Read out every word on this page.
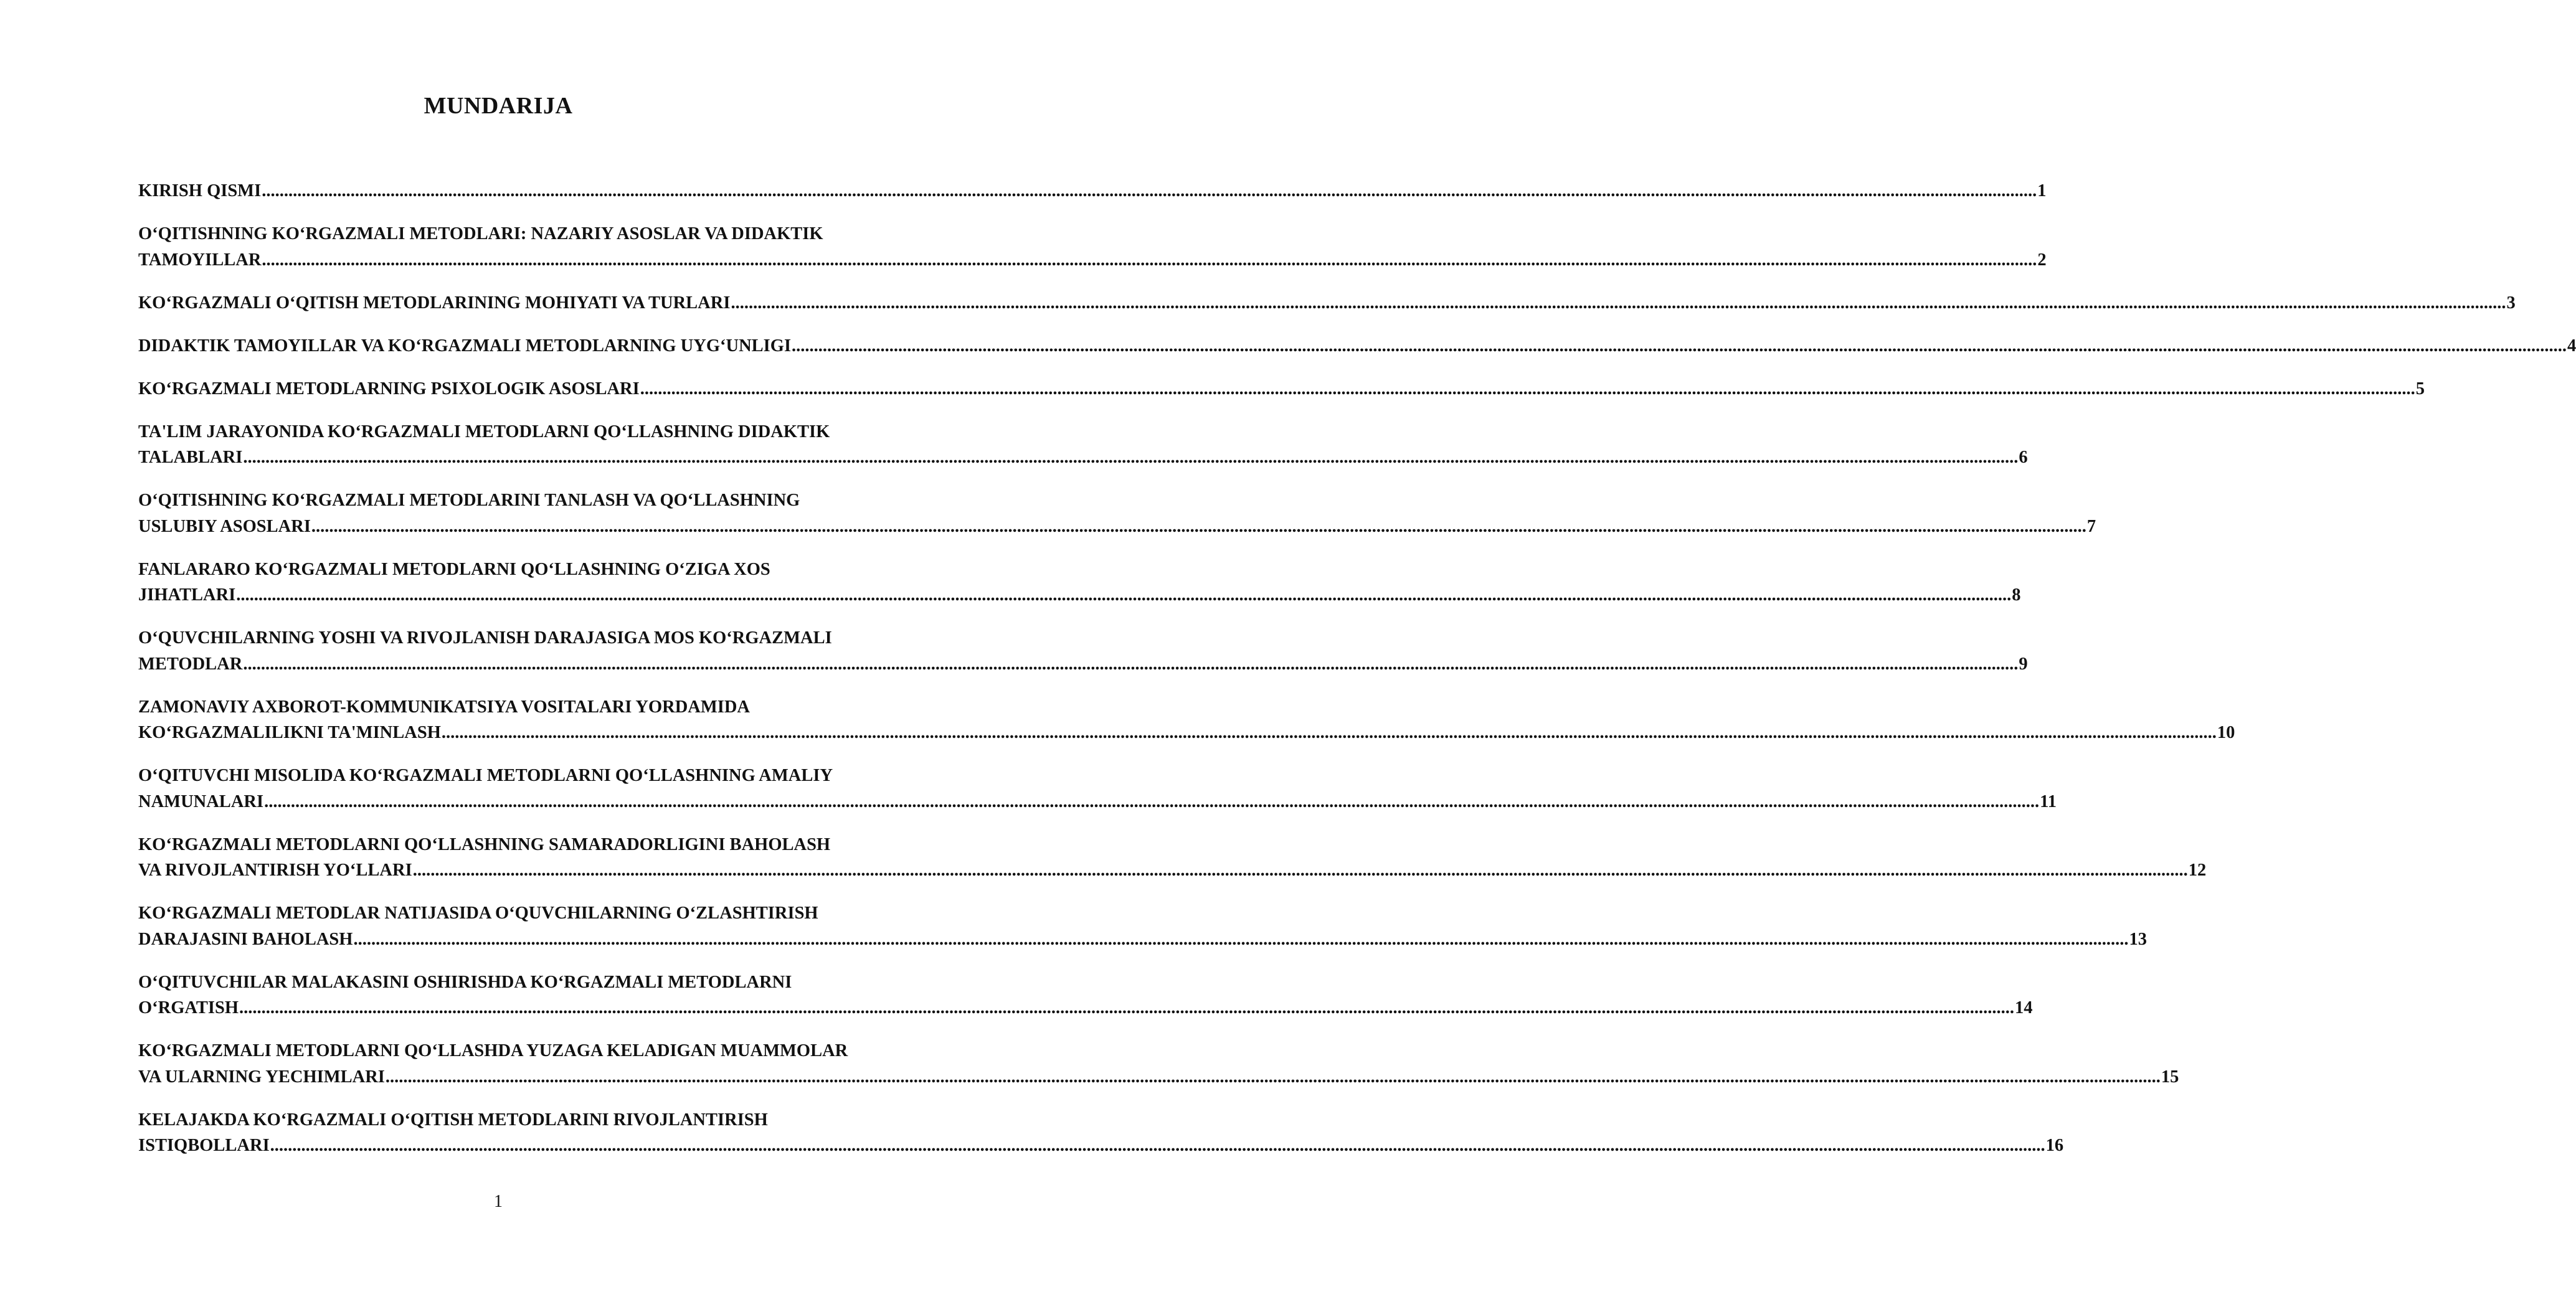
MUNDARIJA
KIRISH QISMI ................................................................................................................................................................................................................................................................................................................................................................................................................ 1
O‘QITISHNING KO‘RGAZMALI METODLARI: NAZARIY ASOSLAR VA DIDAKTIK
TAMOYILLAR ................................................................................................................................................................................................................................................................................................................................................................................................................ 2
KO‘RGAZMALI O‘QITISH METODLARINING MOHIYATI VA TURLARI ................................................................................................................................................................................................................................................................................................................................................................................................................ 3
DIDAKTIK TAMOYILLAR VA KO‘RGAZMALI METODLARNING UYG‘UNLIGI ................................................................................................................................................................................................................................................................................................................................................................................................................ 4
KO‘RGAZMALI METODLARNING PSIXOLOGIK ASOSLARI ................................................................................................................................................................................................................................................................................................................................................................................................................ 5
TA'LIM JARAYONIDA KO‘RGAZMALI METODLARNI QO‘LLASHNING DIDAKTIK
TALABLARI ................................................................................................................................................................................................................................................................................................................................................................................................................ 6
O‘QITISHNING KO‘RGAZMALI METODLARINI TANLASH VA QO‘LLASHNING
USLUBIY ASOSLARI ................................................................................................................................................................................................................................................................................................................................................................................................................ 7
FANLARARO KO‘RGAZMALI METODLARNI QO‘LLASHNING O‘ZIGA XOS
JIHATLARI ................................................................................................................................................................................................................................................................................................................................................................................................................ 8
O‘QUVCHILARNING YOSHI VA RIVOJLANISH DARAJASIGA MOS KO‘RGAZMALI
METODLAR ................................................................................................................................................................................................................................................................................................................................................................................................................ 9
ZAMONAVIY AXBOROT-KOMMUNIKATSIYA VOSITALARI YORDAMIDA
KO‘RGAZMALILIKNI TA'MINLASH ................................................................................................................................................................................................................................................................................................................................................................................................................ 10
O‘QITUVCHI MISOLIDA KO‘RGAZMALI METODLARNI QO‘LLASHNING AMALIY
NAMUNALARI ................................................................................................................................................................................................................................................................................................................................................................................................................ 11
KO‘RGAZMALI METODLARNI QO‘LLASHNING SAMARADORLIGINI BAHOLASH
VA RIVOJLANTIRISH YO‘LLARI ................................................................................................................................................................................................................................................................................................................................................................................................................ 12
KO‘RGAZMALI METODLAR NATIJASIDA O‘QUVCHILARNING O‘ZLASHTIRISH
DARAJASINI BAHOLASH ................................................................................................................................................................................................................................................................................................................................................................................................................ 13
O‘QITUVCHILAR MALAKASINI OSHIRISHDA KO‘RGAZMALI METODLARNI
O‘RGATISH ................................................................................................................................................................................................................................................................................................................................................................................................................ 14
KO‘RGAZMALI METODLARNI QO‘LLASHDA YUZAGA KELADIGAN MUAMMOLAR
VA ULARNING YECHIMLARI ................................................................................................................................................................................................................................................................................................................................................................................................................ 15
KELAJAKDA KO‘RGAZMALI O‘QITISH METODLARINI RIVOJLANTIRISH
ISTIQBOLLARI ................................................................................................................................................................................................................................................................................................................................................................................................................ 16
1
